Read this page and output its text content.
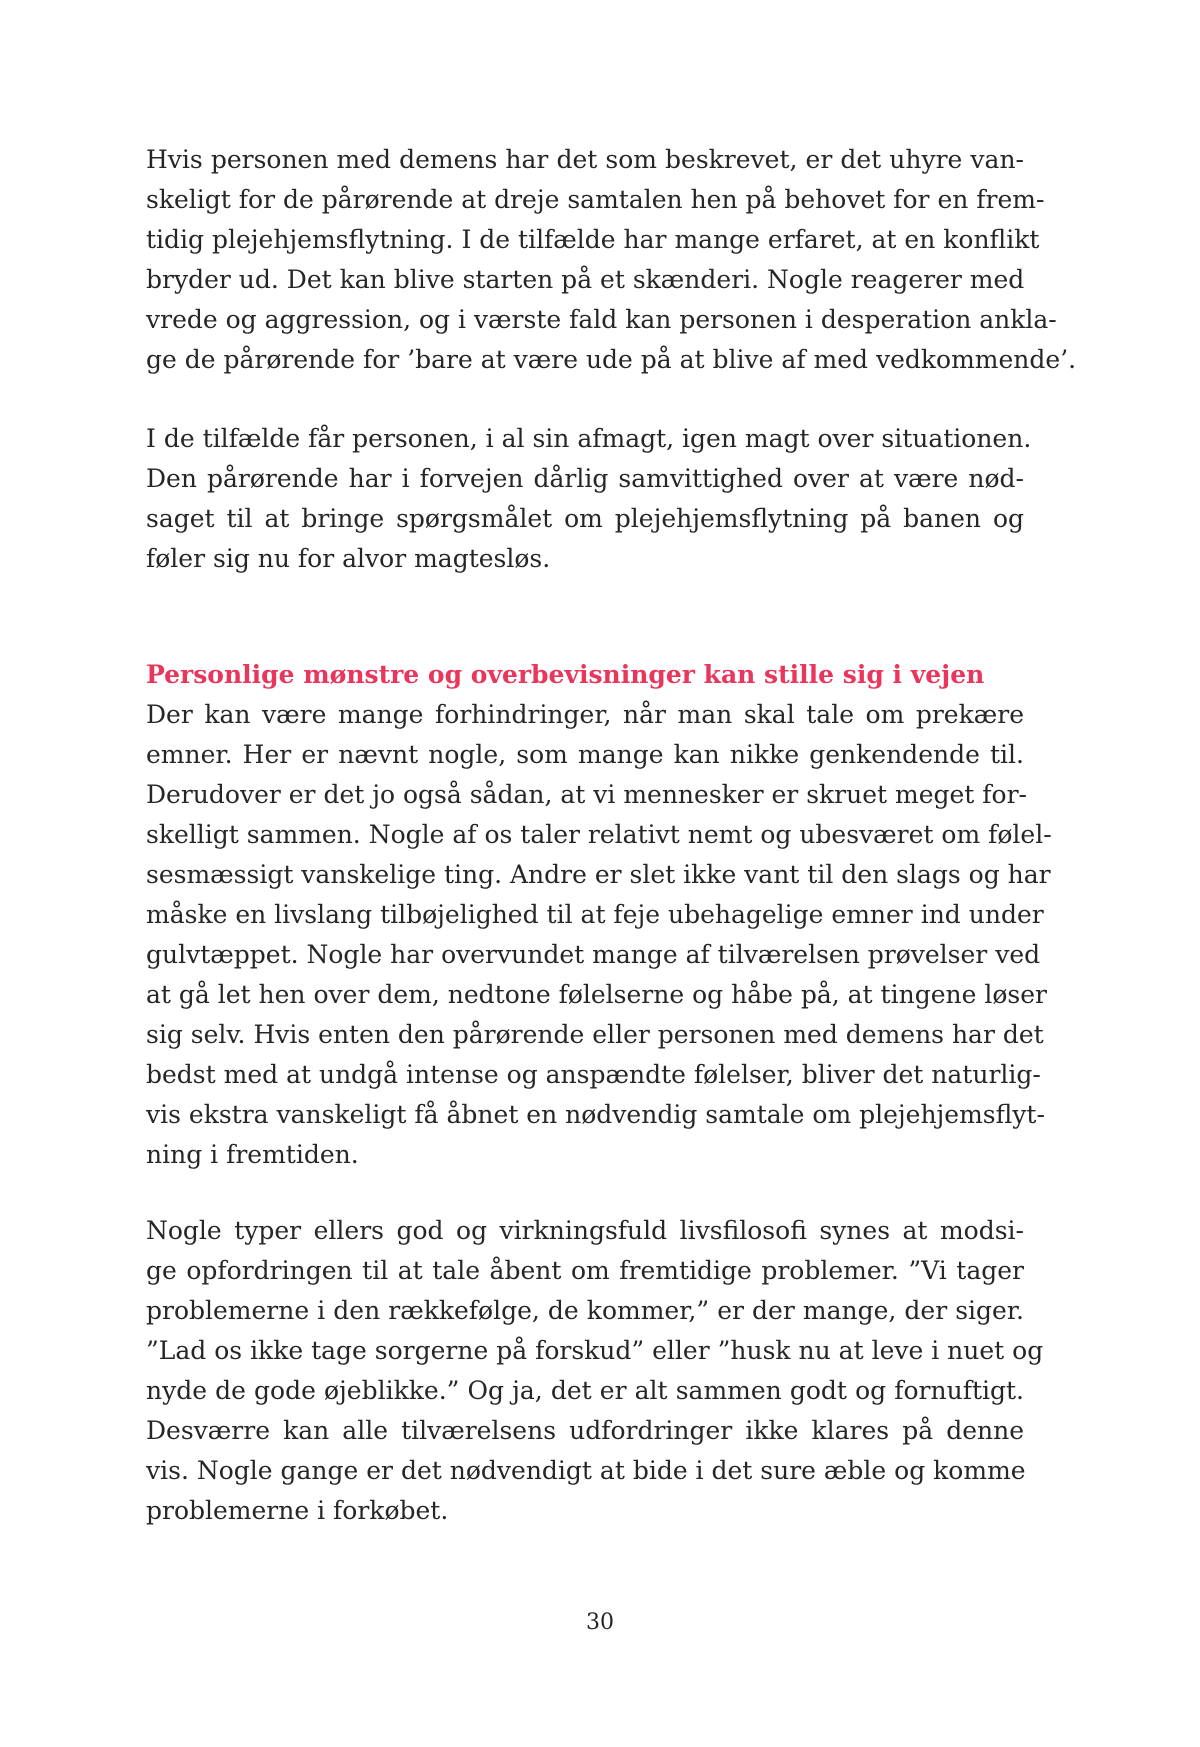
Hvis personen med demens har det som beskrevet, er det uhyre van-
skeligt for de pårørende at dreje samtalen hen på behovet for en frem-
tidig plejehjemsflytning. I de tilfælde har mange erfaret, at en konflikt
bryder ud. Det kan blive starten på et skænderi. Nogle reagerer med
vrede og aggression, og i værste fald kan personen i desperation ankla-
ge de pårørende for ’bare at være ude på at blive af med vedkommende’.
I de tilfælde får personen, i al sin afmagt, igen magt over situationen.
Den pårørende har i forvejen dårlig samvittighed over at være nød-
saget til at bringe spørgsmålet om plejehjemsflytning på banen og
føler sig nu for alvor magtesløs.
Personlige mønstre og overbevisninger kan stille sig i vejen
Der kan være mange forhindringer, når man skal tale om prekære
emner. Her er nævnt nogle, som mange kan nikke genkendende til.
Derudover er det jo også sådan, at vi mennesker er skruet meget for-
skelligt sammen. Nogle af os taler relativt nemt og ubesværet om følel-
sesmæssigt vanskelige ting. Andre er slet ikke vant til den slags og har
måske en livslang tilbøjelighed til at feje ubehagelige emner ind under
gulvtæppet. Nogle har overvundet mange af tilværelsen prøvelser ved
at gå let hen over dem, nedtone følelserne og håbe på, at tingene løser
sig selv. Hvis enten den pårørende eller personen med demens har det
bedst med at undgå intense og anspændte følelser, bliver det naturlig-
vis ekstra vanskeligt få åbnet en nødvendig samtale om plejehjemsflyt-
ning i fremtiden.
Nogle typer ellers god og virkningsfuld livsfilosofi synes at modsi-
ge opfordringen til at tale åbent om fremtidige problemer. ”Vi tager
problemerne i den rækkefølge, de kommer,” er der mange, der siger.
”Lad os ikke tage sorgerne på forskud” eller ”husk nu at leve i nuet og
nyde de gode øjeblikke.” Og ja, det er alt sammen godt og fornuftigt.
Desværre kan alle tilværelsens udfordringer ikke klares på denne
vis. Nogle gange er det nødvendigt at bide i det sure æble og komme
problemerne i forkøbet.
30
